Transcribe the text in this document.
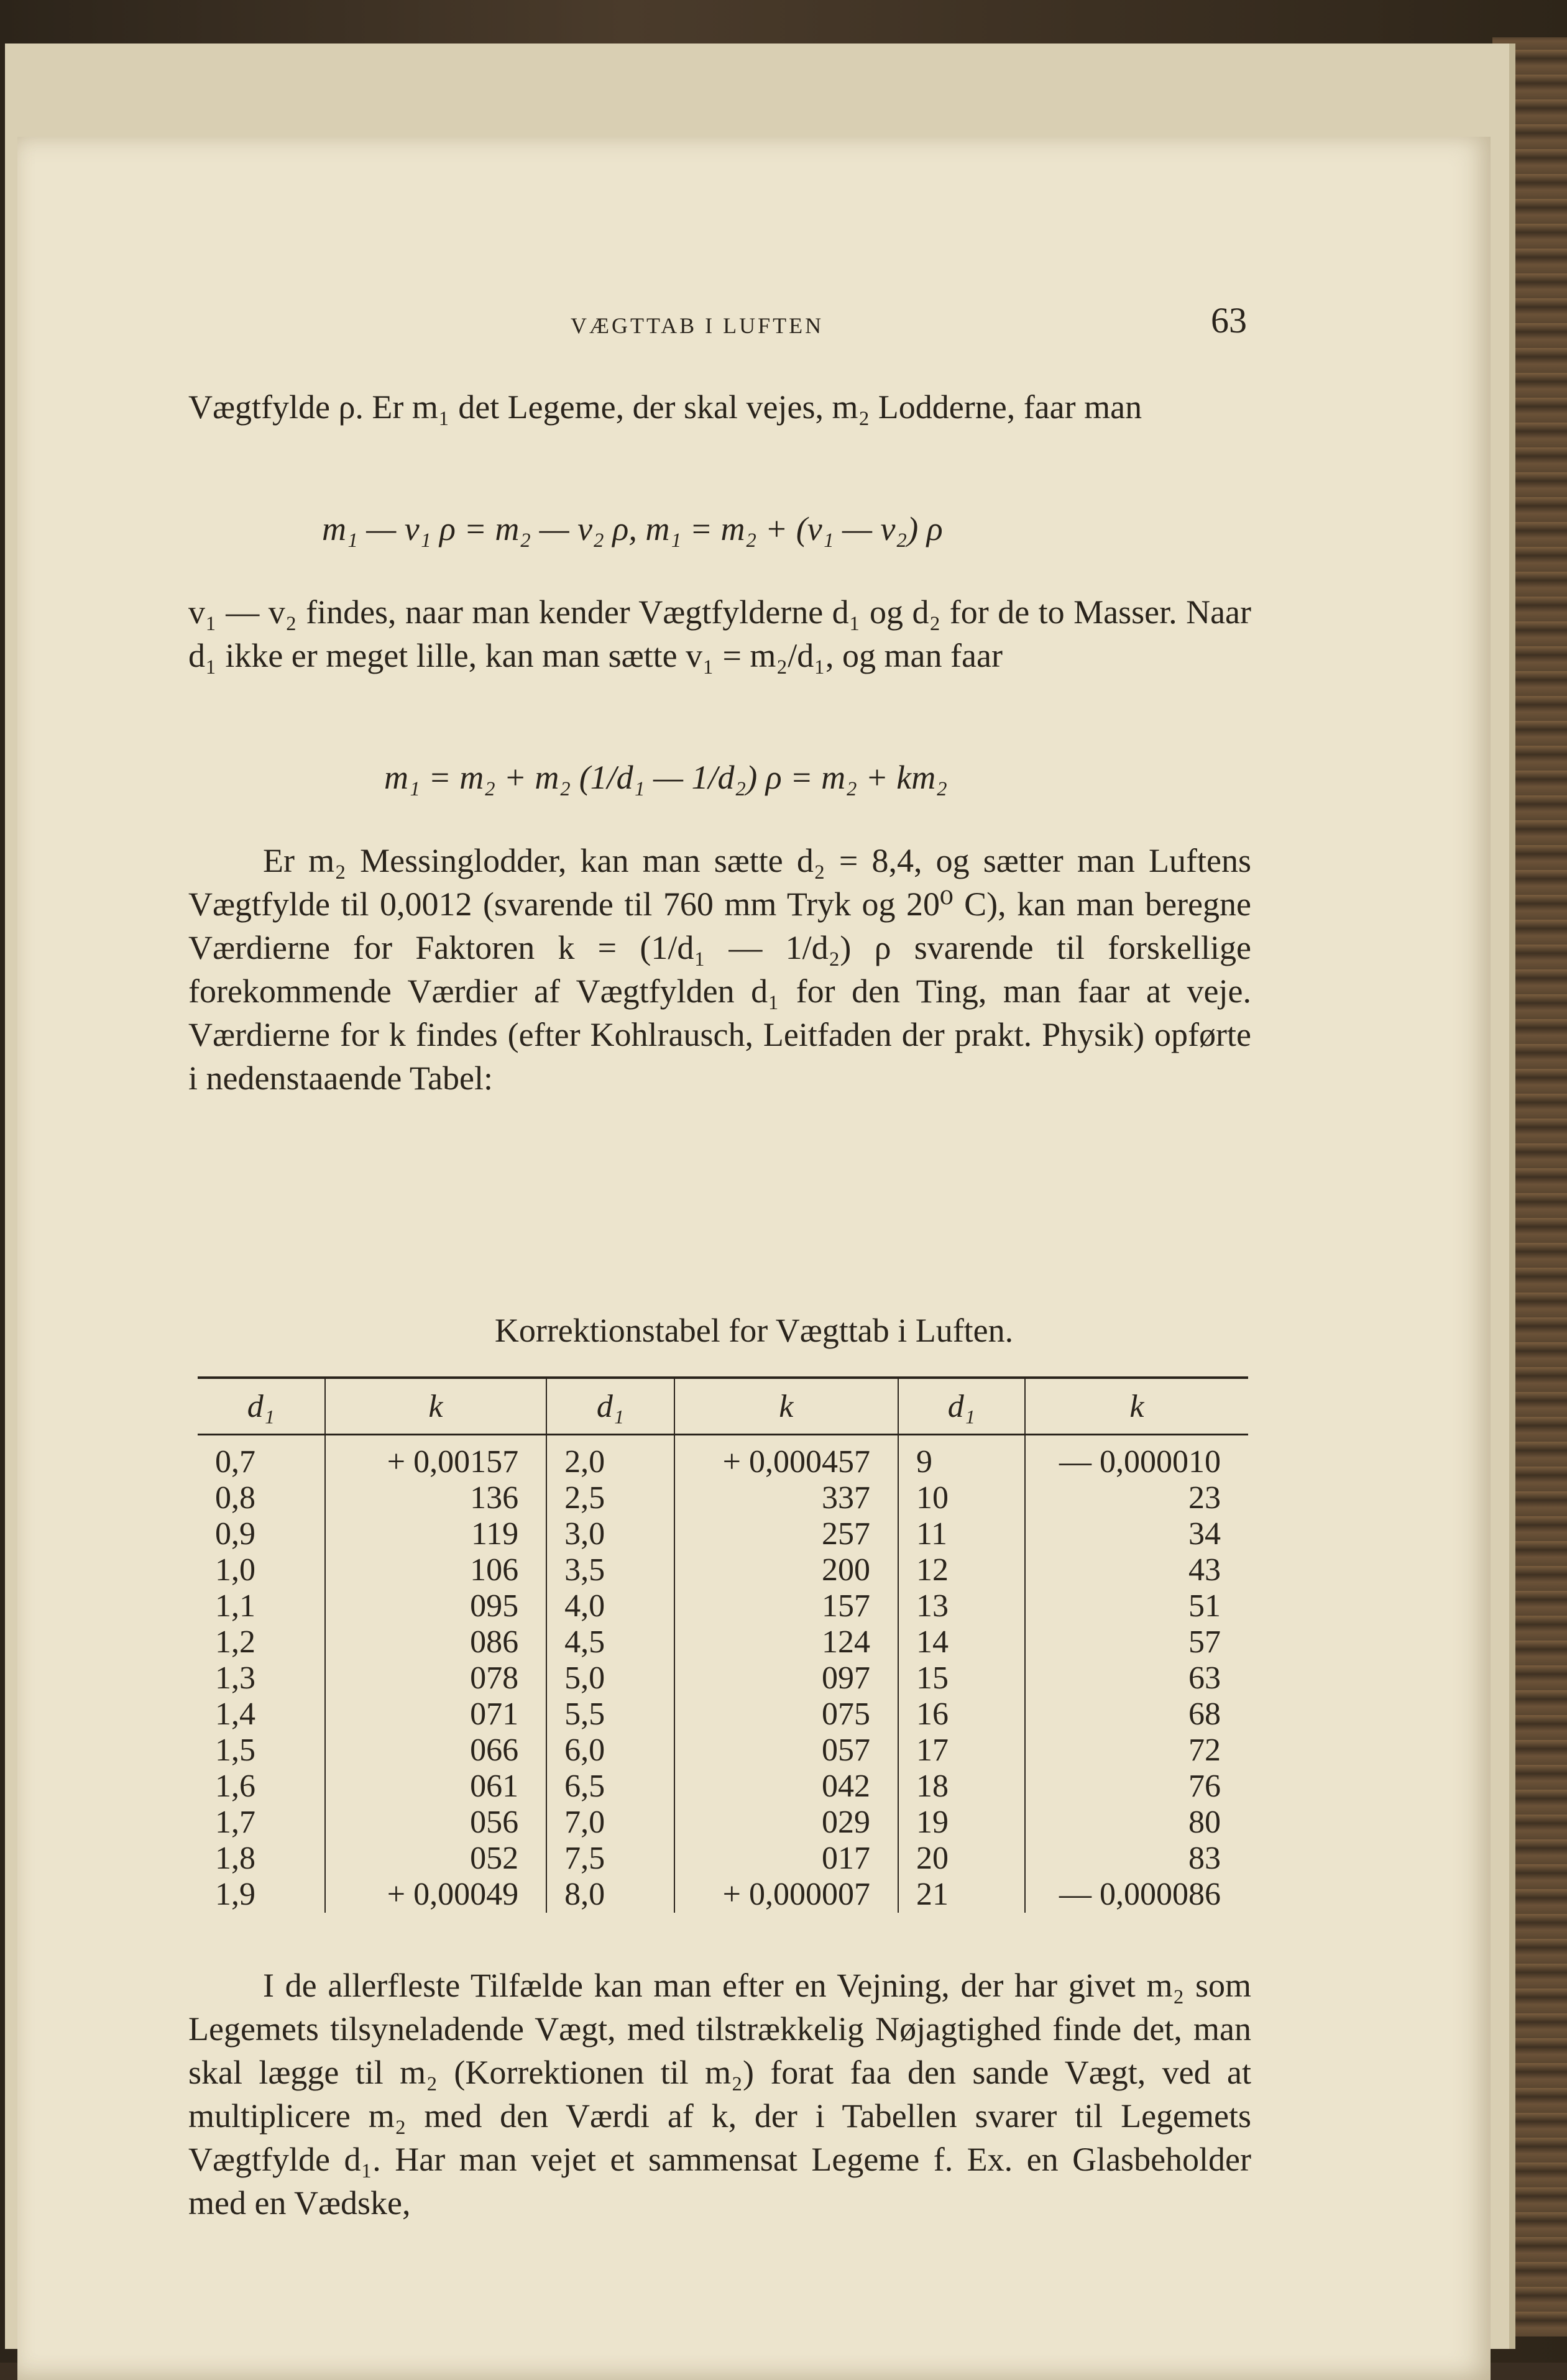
VÆGTTAB I LUFTEN	63

Vægtfylde ρ. Er m₁ det Legeme, der skal vejes, m₂ Lodderne, faar man

m₁ — v₁ ρ = m₂ — v₂ ρ, m₁ = m₂ + (v₁ — v₂) ρ

v₁ — v₂ findes, naar man kender Vægtfylderne d₁ og d₂ for de to Masser. Naar d₁ ikke er meget lille, kan man sætte v₁ = m₂/d₁, og man faar

m₁ = m₂ + m₂ (1/d₁ — 1/d₂) ρ = m₂ + km₂

Er m₂ Messinglodder, kan man sætte d₂ = 8,4, og sætter man Luftens Vægtfylde til 0,0012 (svarende til 760 mm Tryk og 20⁰ C), kan man beregne Værdierne for Faktoren k = (1/d₁ — 1/d₂) ρ svarende til forskellige forekommende Værdier af Vægtfylden d₁ for den Ting, man faar at veje. Værdierne for k findes (efter Kohlrausch, Leitfaden der prakt. Physik) opførte i nedenstaaende Tabel:

Korrektionstabel for Vægttab i Luften.
d₁	k	d₁	k	d₁	k
0,7	+ 0,00157	2,0	+ 0,000457	9	— 0,000010
0,8	136	2,5	337	10	23
0,9	119	3,0	257	11	34
1,0	106	3,5	200	12	43
1,1	095	4,0	157	13	51
1,2	086	4,5	124	14	57
1,3	078	5,0	097	15	63
1,4	071	5,5	075	16	68
1,5	066	6,0	057	17	72
1,6	061	6,5	042	18	76
1,7	056	7,0	029	19	80
1,8	052	7,5	017	20	83
1,9	+ 0,00049	8,0	+ 0,000007	21	— 0,000086

I de allerfleste Tilfælde kan man efter en Vejning, der har givet m₂ som Legemets tilsyneladende Vægt, med tilstrækkelig Nøjagtighed finde det, man skal lægge til m₂ (Korrektionen til m₂) forat faa den sande Vægt, ved at multiplicere m₂ med den Værdi af k, der i Tabellen svarer til Legemets Vægtfylde d₁. Har man vejet et sammensat Legeme f. Ex. en Glasbeholder med en Vædske,
